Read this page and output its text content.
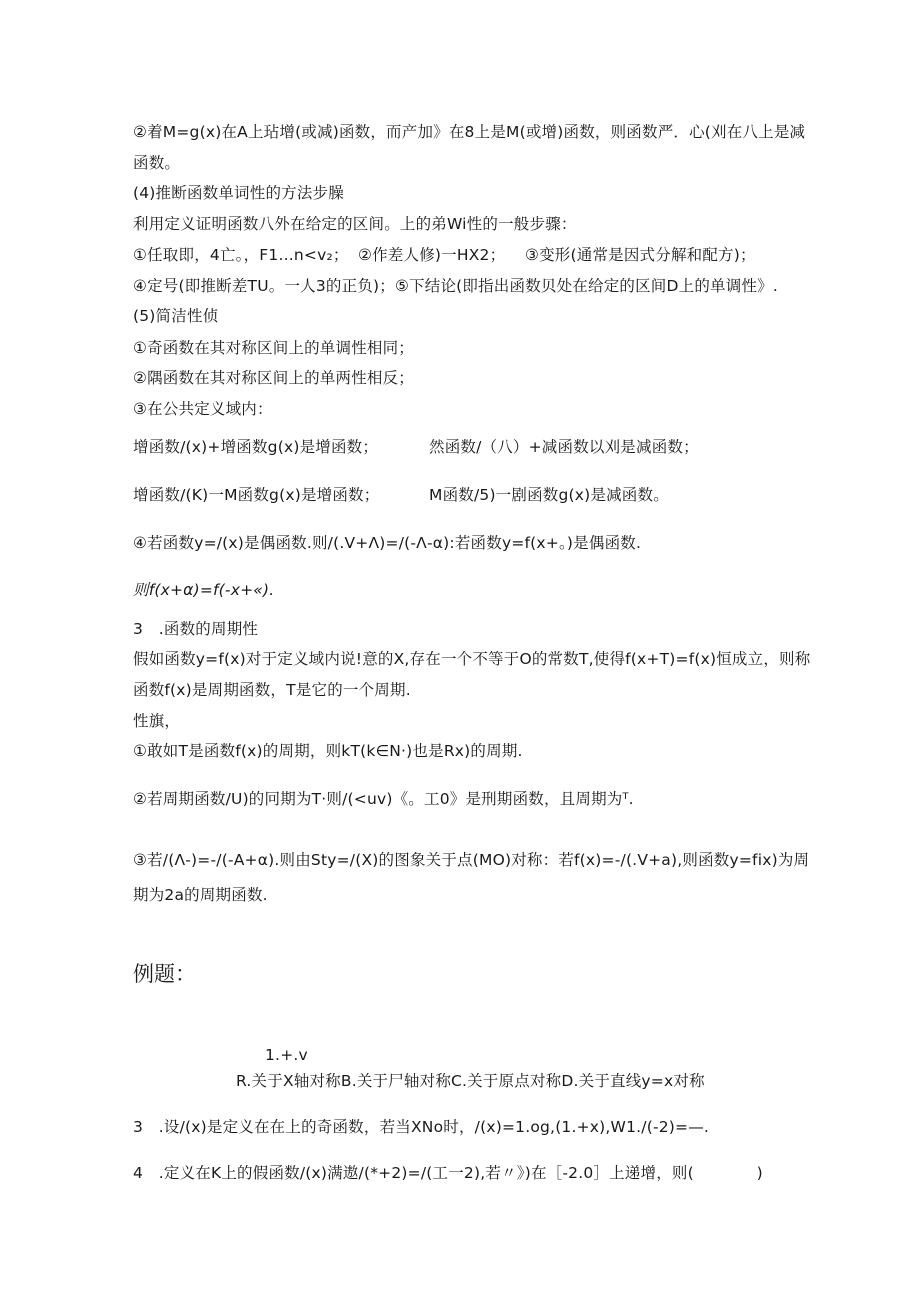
②着M=g(x)在A上玷增(或减)函数，而产加》在8上是M(或增)函数，则函数严．心(刈在八上是减
函数。
(4)推断函数单词性的方法步臊
利用定义证明函数八外在给定的区间。上的弟Wi性的一般步骤：
①任取即，4亡。，F1...n<v₂； ②作差人修)一HX2； ③变形(通常是因式分解和配方)；
④定号(即推断差TU。一人3的正负)；⑤下结论(即指出函数贝处在给定的区间D上的单调性》.
(5)简洁性侦
①奇函数在其对称区间上的单调性相同；
②隅函数在其对称区间上的单两性相反；
③在公共定义域内：
增函数/(x)+增函数g(x)是增函数；	然函数/（八）+减函数以刈是减函数；
增函数/(K)一M函数g(x)是增函数；	M函数/5)一剧函数g(x)是减函数。
④若函数y=/(x)是偶函数.则/(.V+Λ)=/(-Λ-α):若函数y=f(x+。)是偶函数.
则f(x+α)=f(-x+«).
3　.函数的周期性
假如函数y=f(x)对于定义域内说!意的X,存在一个不等于O的常数T,使得f(x+T)=f(x)恒成立，则称
函数f(x)是周期函数，T是它的一个周期.
性旗，
①敢如T是函数f(x)的周期，则kT(k∈N·)也是Rx)的周期.
②若周期函数/U)的冋期为T·则/(<uv)《。工0》是刑期函数，且周期为ᵀ.
③若/(Λ-)=-/(-A+α).则由Sty=/(X)的图象关于点(MO)对称：若f(x)=-/(.V+a),则函数y=fix)为周
期为2a的周期函数.
例题：
1.+.v
R.关于X轴对称B.关于尸轴对称C.关于原点对称D.关于直线y=x对称
3　.设/(x)是定义在在上的奇函数，若当XNo时，/(x)=1.og,(1.+x),W1./(-2)=—.
4　.定义在K上的假函数/(x)满遨/(*+2)=/(工一2),若〃》)在［-2.0］上递增，则(　　　　)
